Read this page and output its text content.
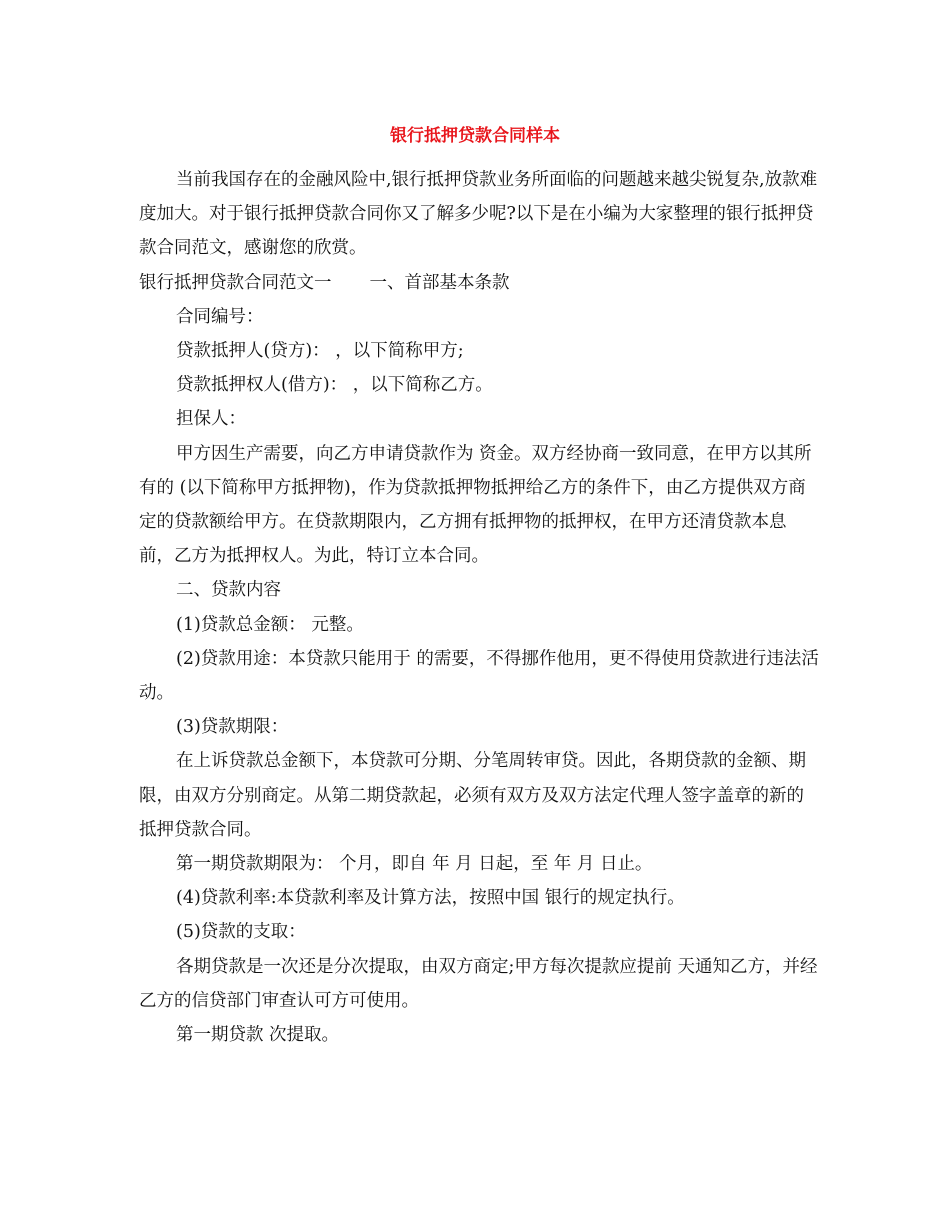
银行抵押贷款合同样本

当前我国存在的金融风险中,银行抵押贷款业务所面临的问题越来越尖锐复杂,放款难度加大。对于银行抵押贷款合同你又了解多少呢?以下是在小编为大家整理的银行抵押贷款合同范文，感谢您的欣赏。

银行抵押贷款合同范文一 一、首部基本条款

合同编号：

贷款抵押人(贷方)： ，以下简称甲方;

贷款抵押权人(借方)： ，以下简称乙方。

担保人：

甲方因生产需要，向乙方申请贷款作为 资金。双方经协商一致同意，在甲方以其所有的 (以下简称甲方抵押物)，作为贷款抵押物抵押给乙方的条件下，由乙方提供双方商定的贷款额给甲方。在贷款期限内，乙方拥有抵押物的抵押权，在甲方还清贷款本息前，乙方为抵押权人。为此，特订立本合同。

二、贷款内容

(1)贷款总金额： 元整。

(2)贷款用途：本贷款只能用于 的需要，不得挪作他用，更不得使用贷款进行违法活动。

(3)贷款期限：

在上诉贷款总金额下，本贷款可分期、分笔周转审贷。因此，各期贷款的金额、期限，由双方分别商定。从第二期贷款起，必须有双方及双方法定代理人签字盖章的新的抵押贷款合同。

第一期贷款期限为： 个月，即自 年 月 日起，至 年 月 日止。

(4)贷款利率:本贷款利率及计算方法，按照中国 银行的规定执行。

(5)贷款的支取：

各期贷款是一次还是分次提取，由双方商定;甲方每次提款应提前 天通知乙方，并经乙方的信贷部门审查认可方可使用。

第一期贷款 次提取。
